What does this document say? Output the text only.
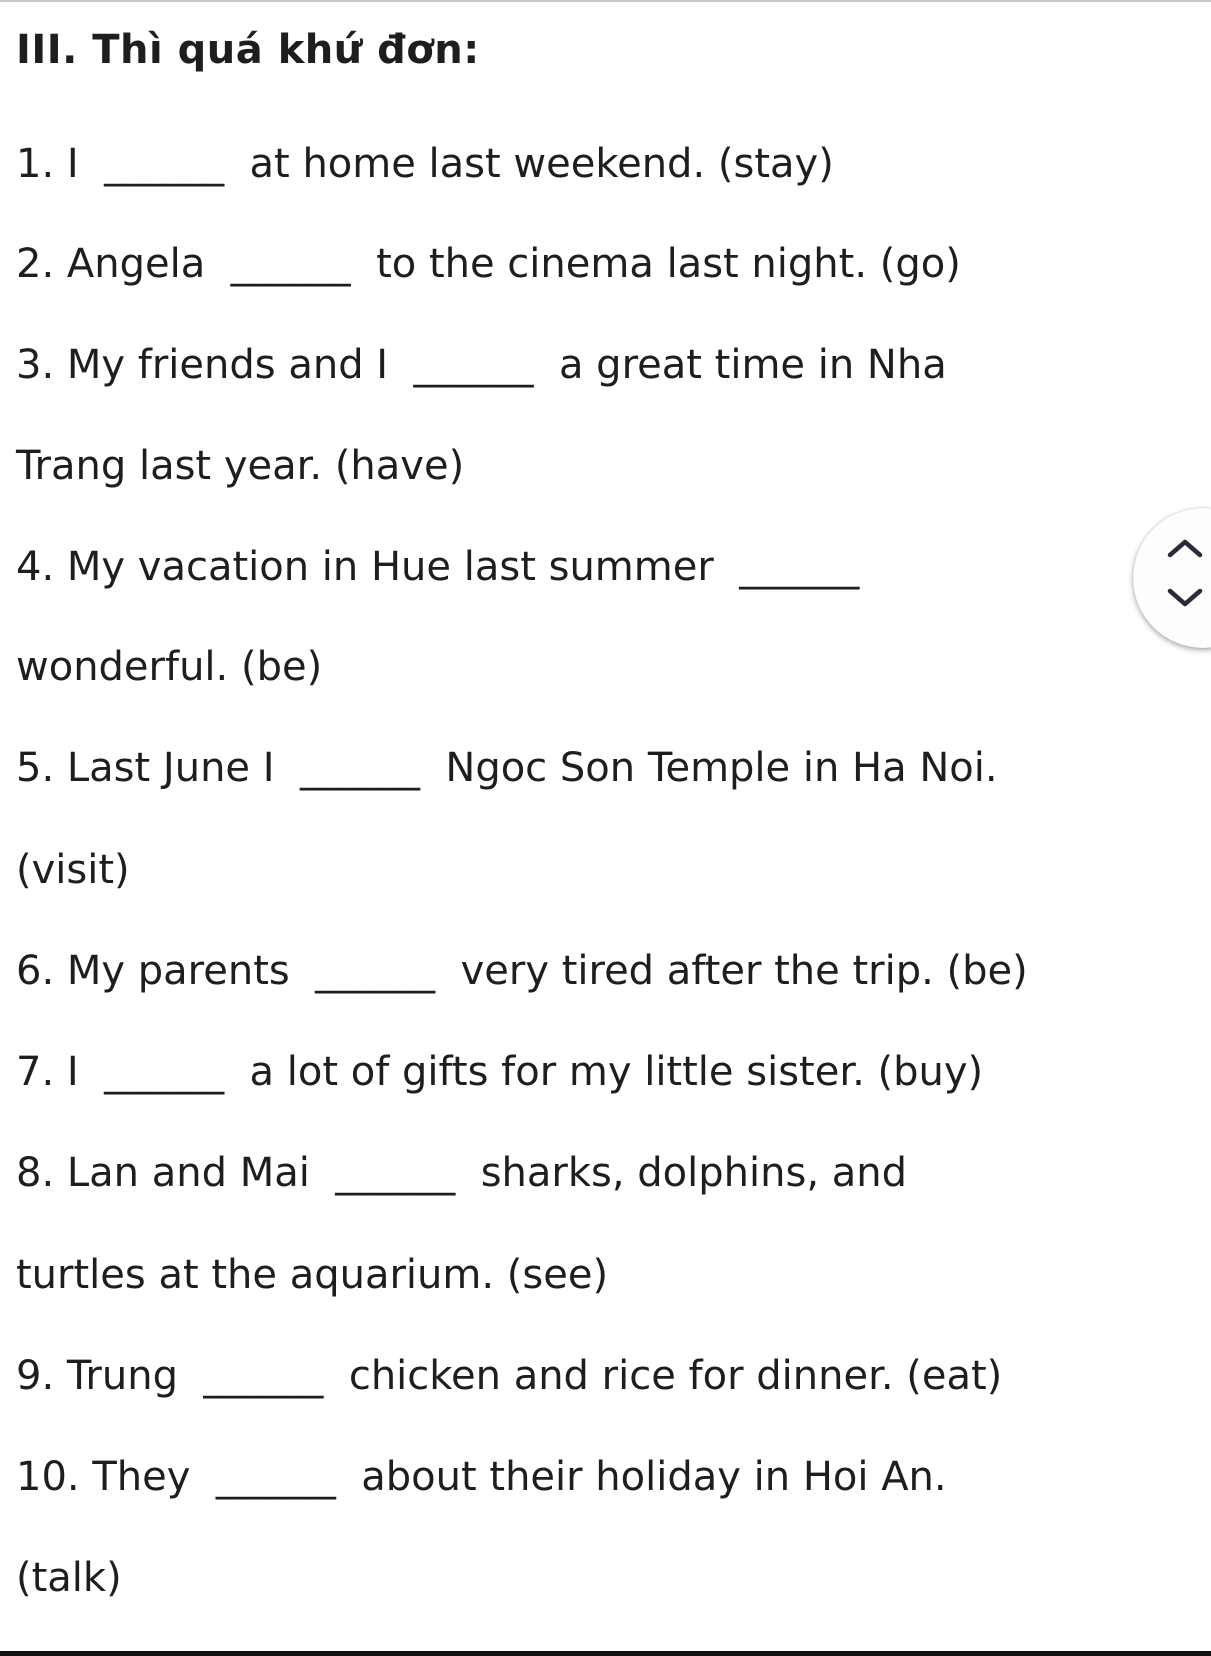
III. Thì quá khứ đơn:

1. I  ______  at home last weekend. (stay)

2. Angela  ______  to the cinema last night. (go)

3. My friends and I  ______  a great time in Nha

Trang last year. (have)

4. My vacation in Hue last summer  ______

wonderful. (be)

5. Last June I  ______  Ngoc Son Temple in Ha Noi.

(visit)

6. My parents  ______  very tired after the trip. (be)

7. I  ______  a lot of gifts for my little sister. (buy)

8. Lan and Mai  ______  sharks, dolphins, and

turtles at the aquarium. (see)

9. Trung  ______  chicken and rice for dinner. (eat)

10. They  ______  about their holiday in Hoi An.

(talk)
